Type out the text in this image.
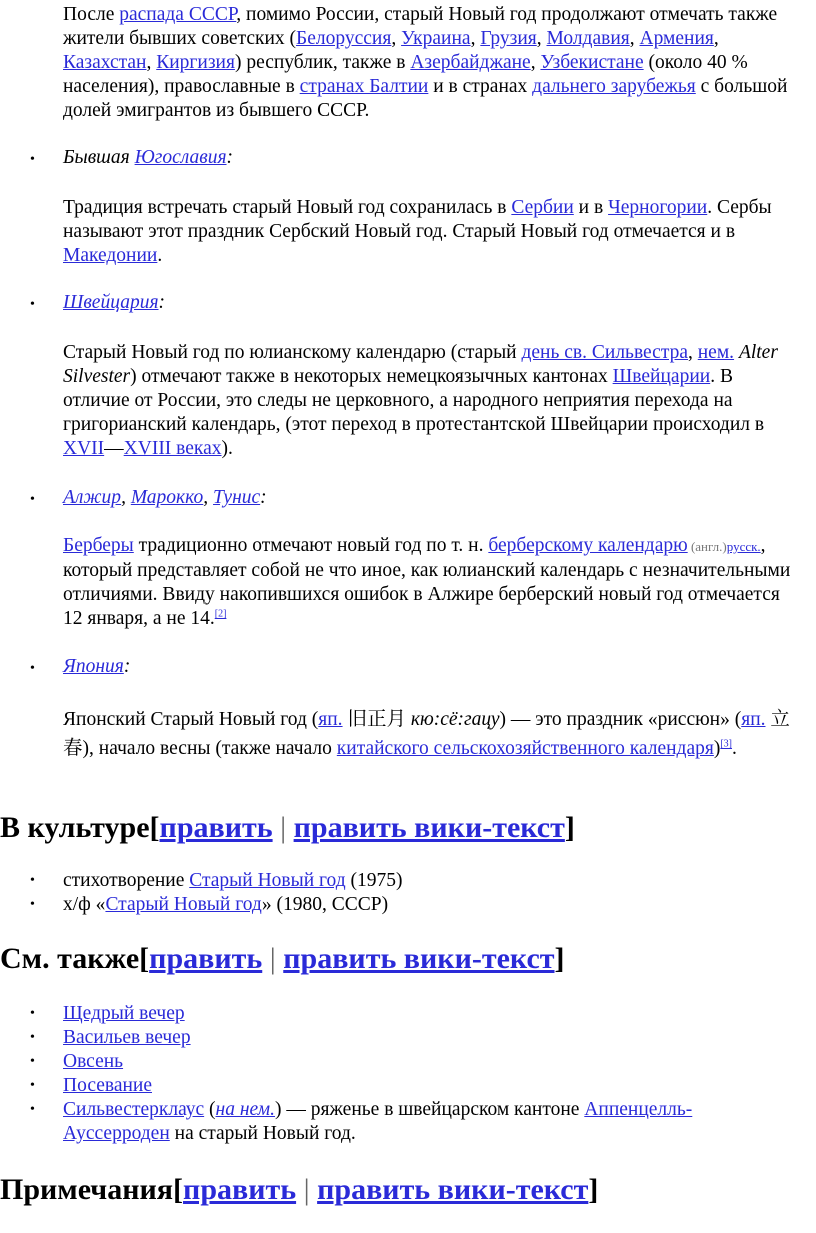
После распада СССР, помимо России, старый Новый год продолжают отмечать также жители бывших советских (Белоруссия, Украина, Грузия, Молдавия, Армения, Казахстан, Киргизия) республик, также в Азербайджане, Узбекистане (около 40 % населения), православные в странах Балтии и в странах дальнего зарубежья с большой долей эмигрантов из бывшего СССР.
• Бывшая Югославия:
Традиция встречать старый Новый год сохранилась в Сербии и в Черногории. Сербы называют этот праздник Сербский Новый год. Старый Новый год отмечается и в Македонии.
• Швейцария:
Старый Новый год по юлианскому календарю (старый день св. Сильвестра, нем. Alter Silvester) отмечают также в некоторых немецкоязычных кантонах Швейцарии. В отличие от России, это следы не церковного, а народного неприятия перехода на григорианский календарь, (этот переход в протестантской Швейцарии происходил в XVII—XVIII веках).
• Алжир, Марокко, Тунис:
Берберы традиционно отмечают новый год по т. н. берберскому календарю (англ.)русск., который представляет собой не что иное, как юлианский календарь с незначительными отличиями. Ввиду накопившихся ошибок в Алжире берберский новый год отмечается 12 января, а не 14.[2]
• Япония:
Японский Старый Новый год (яп. 旧正月 кю:сё:гацу) — это праздник «риссюн» (яп. 立春), начало весны (также начало китайского сельскохозяйственного календаря)[3].
В культуре[править | править вики-текст]
• стихотворение Старый Новый год (1975)
• х/ф «Старый Новый год» (1980, СССР)
См. также[править | править вики-текст]
• Щедрый вечер
• Васильев вечер
• Овсень
• Посевание
• Сильвестерклаус (на нем.) — ряженье в швейцарском кантоне Аппенцелль-Ауссерроден на старый Новый год.
Примечания[править | править вики-текст]
